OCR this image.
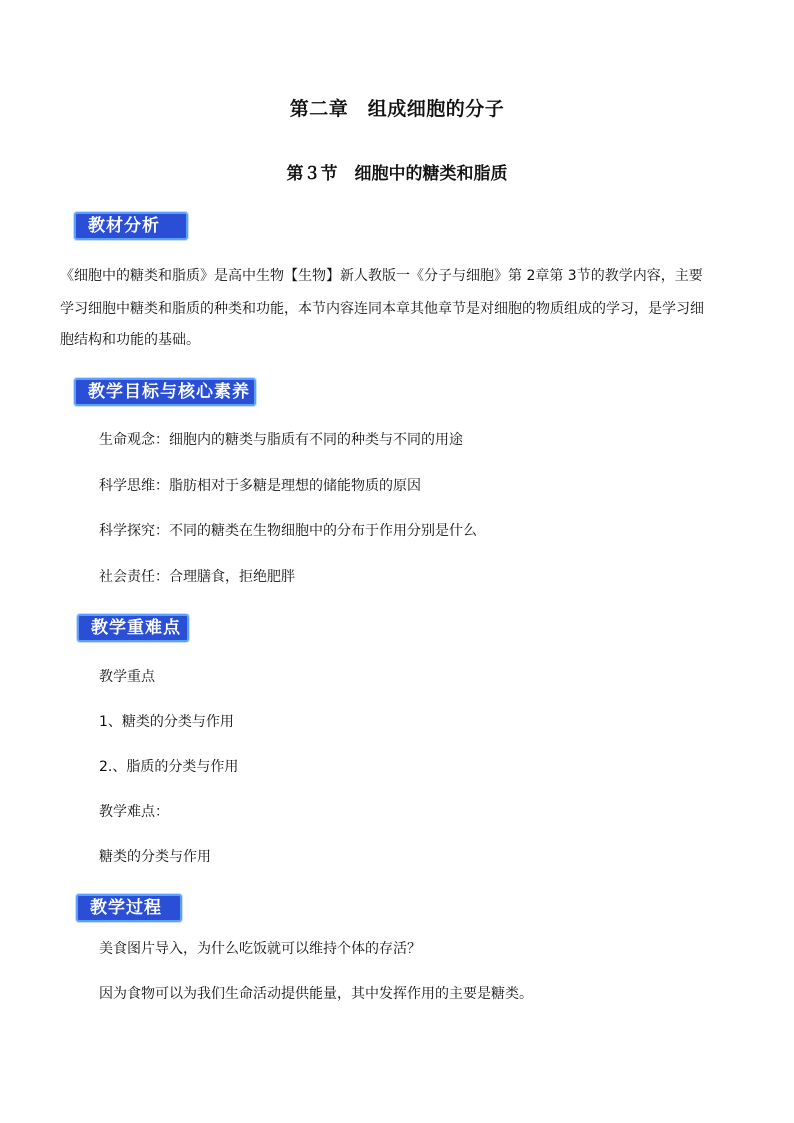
第二章　组成细胞的分子
第３节　细胞中的糖类和脂质
教材分析
《细胞中的糖类和脂质》是高中生物【生物】新人教版一《分子与细胞》第 2章第 3节的教学内容，主要
学习细胞中糖类和脂质的种类和功能，本节内容连同本章其他章节是对细胞的物质组成的学习，是学习细
胞结构和功能的基础。
教学目标与核心素养
生命观念：细胞内的糖类与脂质有不同的种类与不同的用途
科学思维：脂肪相对于多糖是理想的储能物质的原因
科学探究：不同的糖类在生物细胞中的分布于作用分别是什么
社会责任：合理膳食，拒绝肥胖
教学重难点
教学重点
1、糖类的分类与作用
2.、脂质的分类与作用
教学难点：
糖类的分类与作用
教学过程
美食图片导入，为什么吃饭就可以维持个体的存活？
因为食物可以为我们生命活动提供能量，其中发挥作用的主要是糖类。
